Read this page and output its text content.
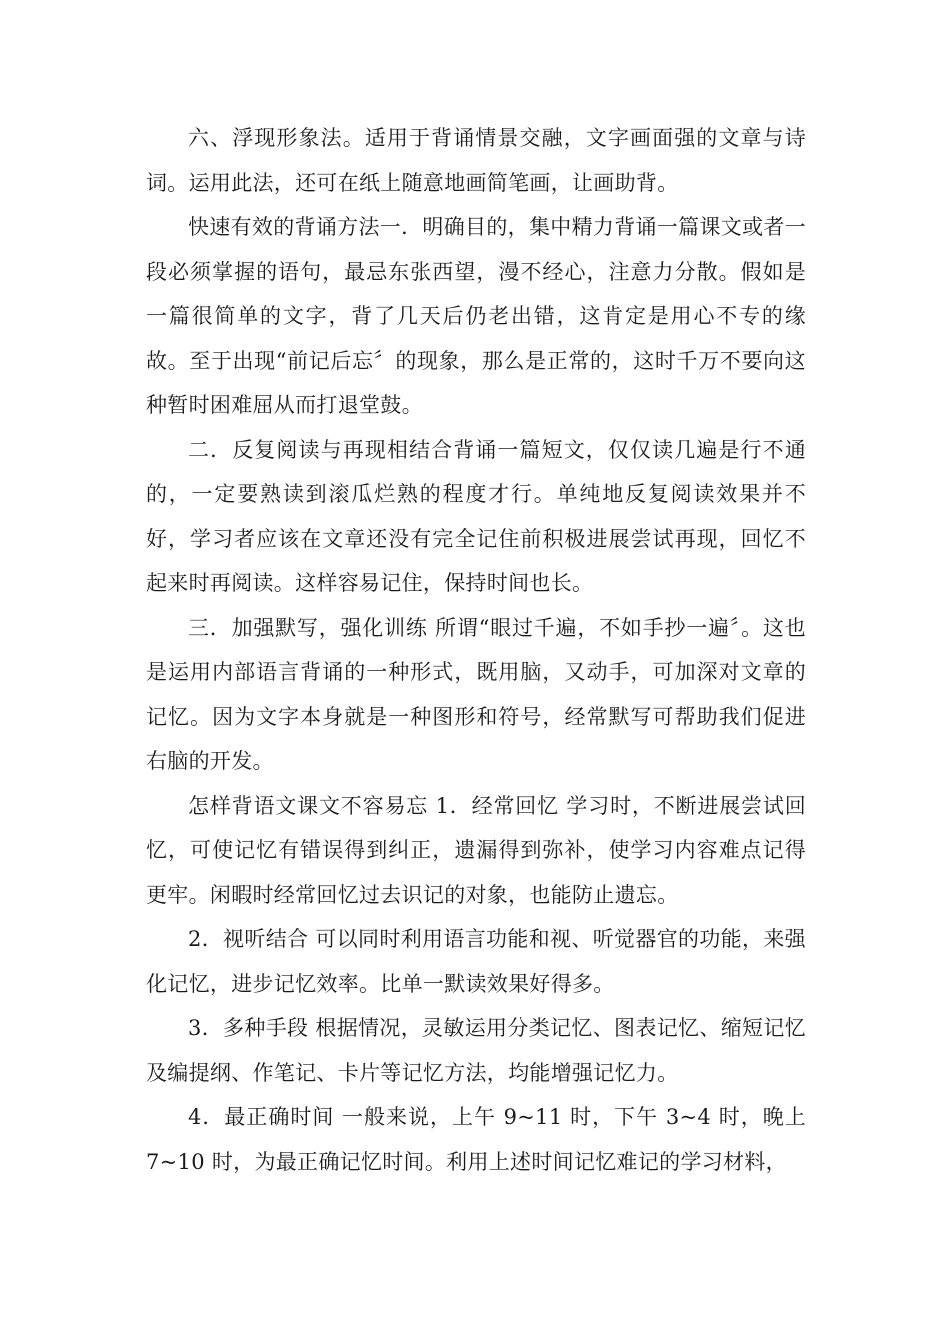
六、浮现形象法。适用于背诵情景交融，文字画面强的文章与诗词。运用此法，还可在纸上随意地画简笔画，让画助背。

快速有效的背诵方法一．明确目的，集中精力背诵一篇课文或者一段必须掌握的语句，最忌东张西望，漫不经心，注意力分散。假如是一篇很简单的文字，背了几天后仍老出错，这肯定是用心不专的缘故。至于出现“前记后忘〞的现象，那么是正常的，这时千万不要向这种暂时困难屈从而打退堂鼓。

二．反复阅读与再现相结合背诵一篇短文，仅仅读几遍是行不通的，一定要熟读到滚瓜烂熟的程度才行。单纯地反复阅读效果并不好，学习者应该在文章还没有完全记住前积极进展尝试再现，回忆不起来时再阅读。这样容易记住，保持时间也长。

三．加强默写，强化训练 所谓“眼过千遍，不如手抄一遍〞。这也是运用内部语言背诵的一种形式，既用脑，又动手，可加深对文章的记忆。因为文字本身就是一种图形和符号，经常默写可帮助我们促进右脑的开发。

怎样背语文课文不容易忘 1．经常回忆 学习时，不断进展尝试回忆，可使记忆有错误得到纠正，遗漏得到弥补，使学习内容难点记得更牢。闲暇时经常回忆过去识记的对象，也能防止遗忘。

2．视听结合 可以同时利用语言功能和视、听觉器官的功能，来强化记忆，进步记忆效率。比单一默读效果好得多。

3．多种手段 根据情况，灵敏运用分类记忆、图表记忆、缩短记忆及编提纲、作笔记、卡片等记忆方法，均能增强记忆力。

4．最正确时间 一般来说，上午 9~11 时，下午 3~4 时，晚上 7~10 时，为最正确记忆时间。利用上述时间记忆难记的学习材料，
